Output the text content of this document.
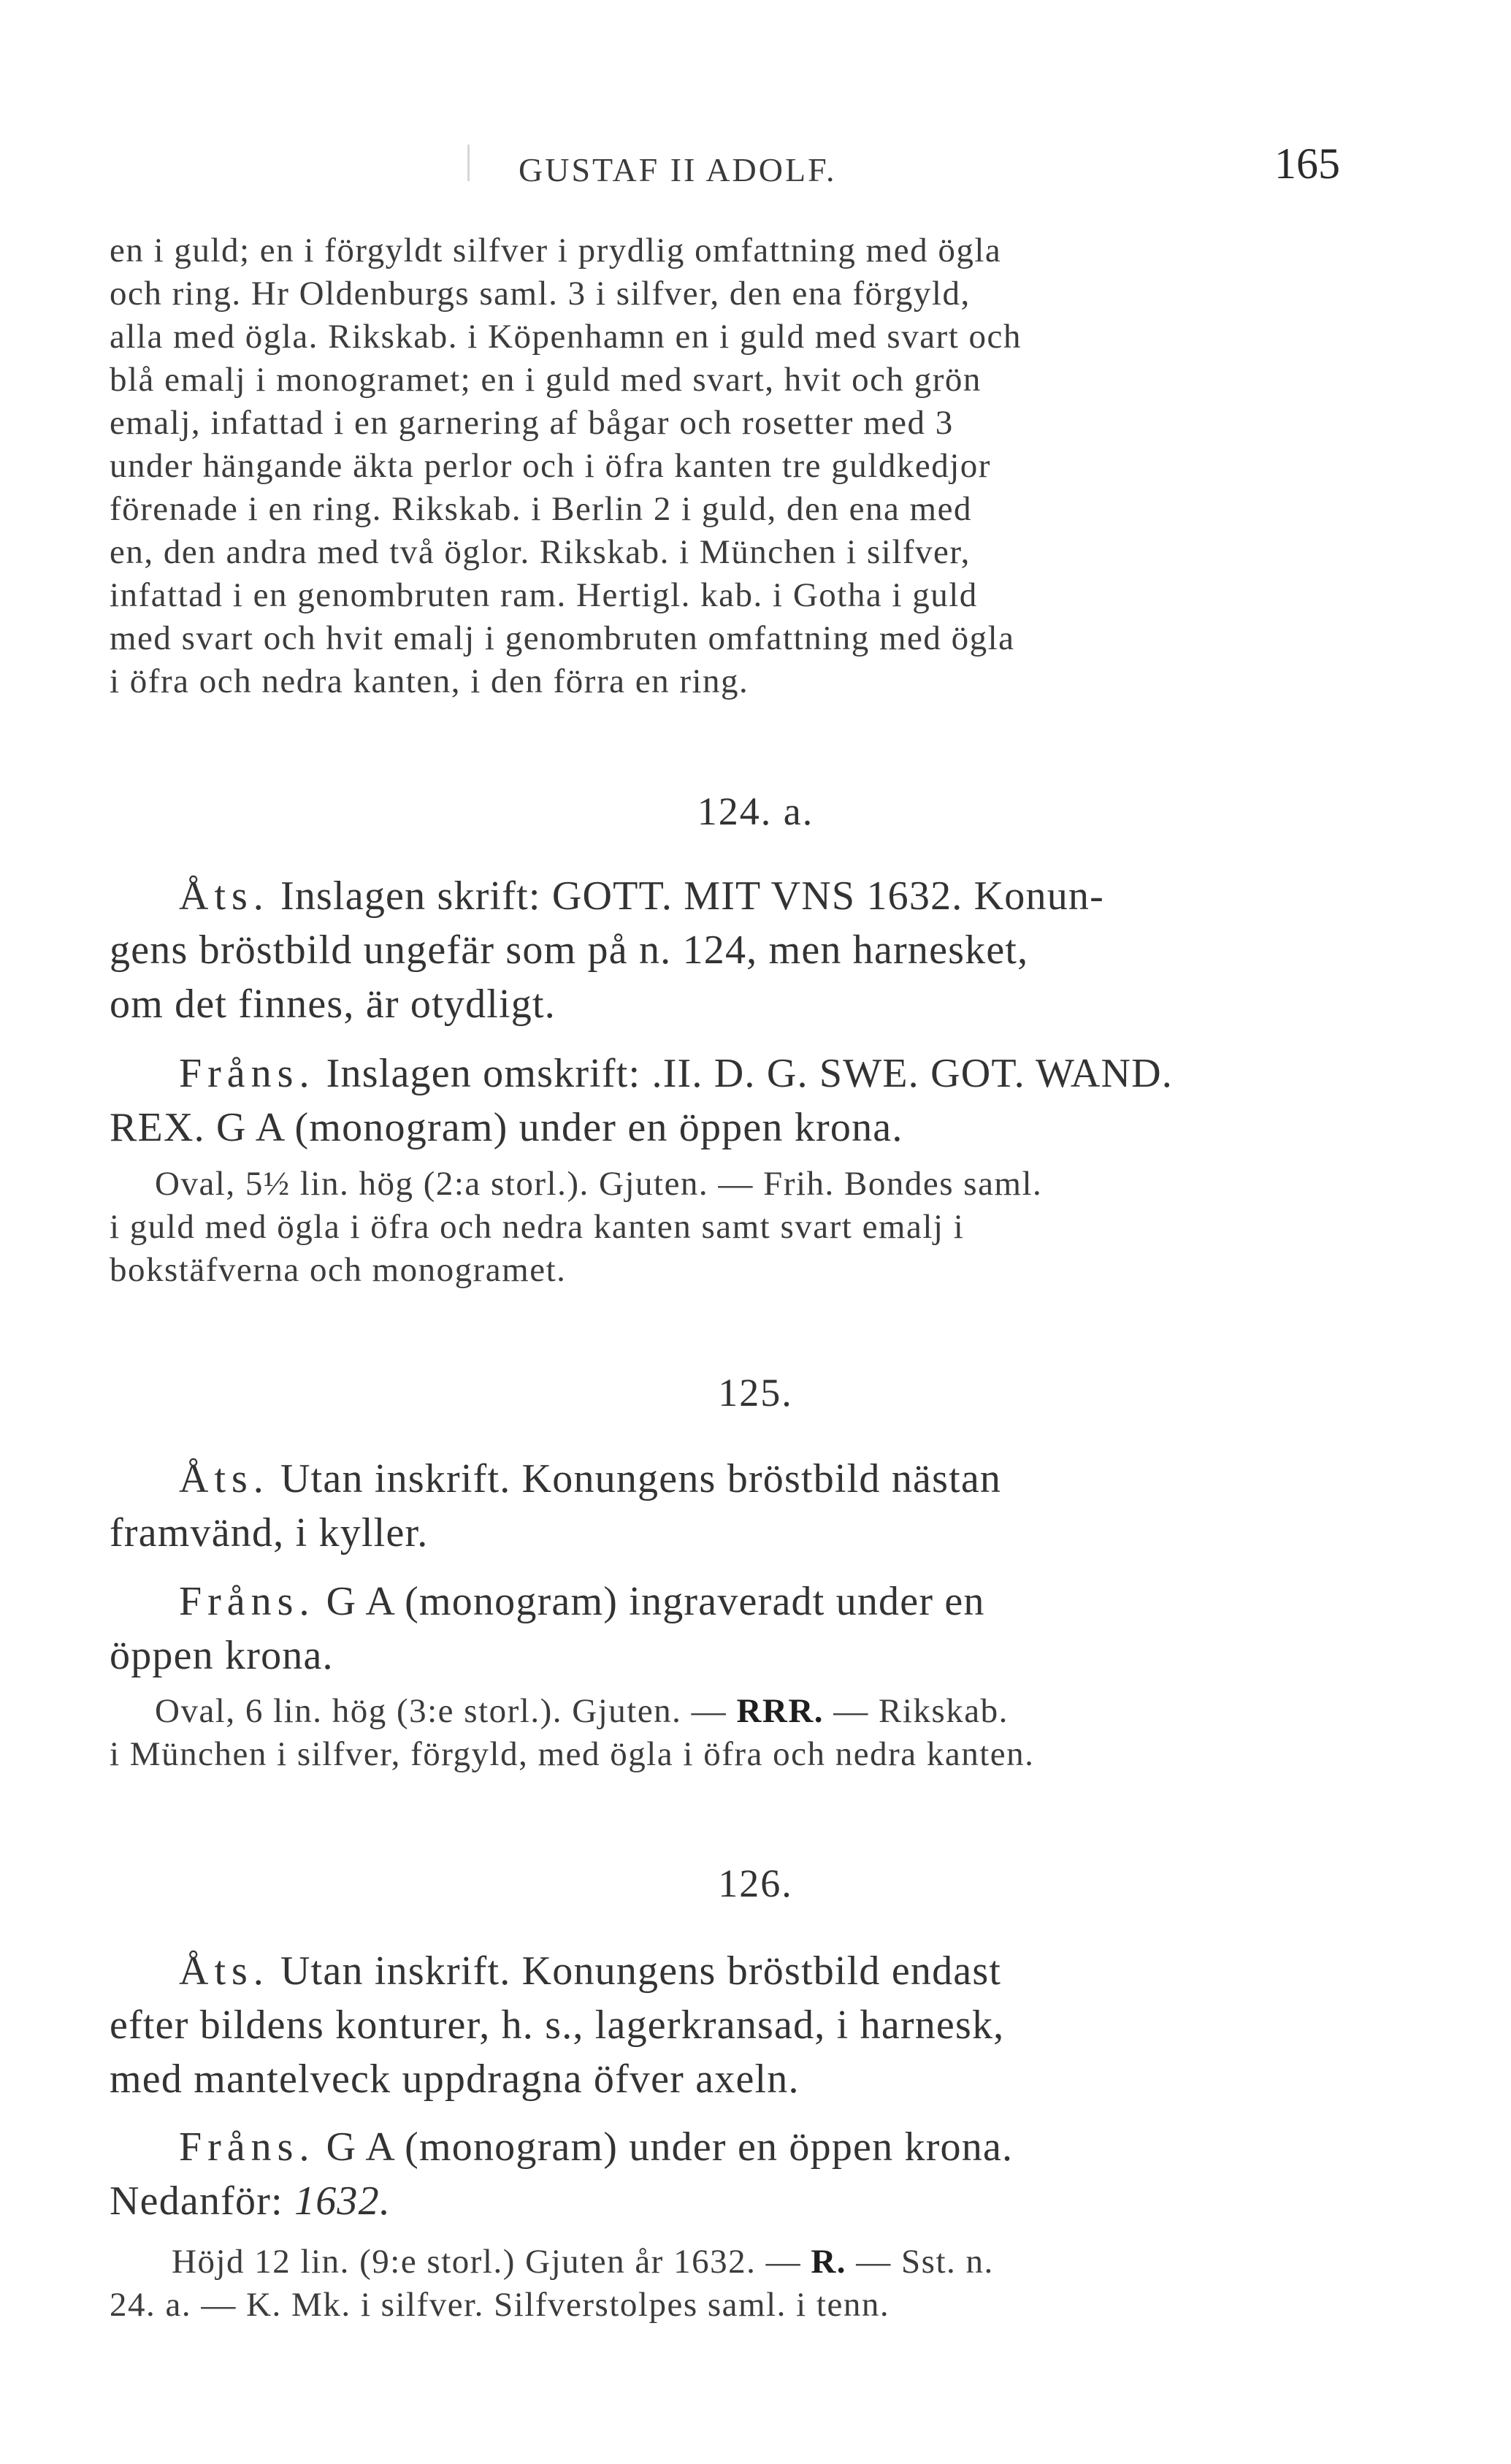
GUSTAF II ADOLF.	165

en i guld; en i förgyldt silfver i prydlig omfattning med ögla
och ring. Hr Oldenburgs saml. 3 i silfver, den ena förgyld,
alla med ögla. Rikskab. i Köpenhamn en i guld med svart och
blå emalj i monogramet; en i guld med svart, hvit och grön
emalj, infattad i en garnering af bågar och rosetter med 3
under hängande äkta perlor och i öfra kanten tre guldkedjor
förenade i en ring. Rikskab. i Berlin 2 i guld, den ena med
en, den andra med två öglor. Rikskab. i München i silfver,
infattad i en genombruten ram. Hertigl. kab. i Gotha i guld
med svart och hvit emalj i genombruten omfattning med ögla
i öfra och nedra kanten, i den förra en ring.

124. a.

Åts. Inslagen skrift: GOTT. MIT VNS 1632. Konun-
gens bröstbild ungefär som på n. 124, men harnesket,
om det finnes, är otydligt.

Fråns. Inslagen omskrift: .II. D. G. SWE. GOT. WAND.
REX. G A (monogram) under en öppen krona.

Oval, 5½ lin. hög (2:a storl.). Gjuten. — Frih. Bondes saml.
i guld med ögla i öfra och nedra kanten samt svart emalj i
bokstäfverna och monogramet.

125.

Åts. Utan inskrift. Konungens bröstbild nästan
framvänd, i kyller.

Fråns. G A (monogram) ingraveradt under en
öppen krona.

Oval, 6 lin. hög (3:e storl.). Gjuten. — RRR. — Rikskab.
i München i silfver, förgyld, med ögla i öfra och nedra kanten.

126.

Åts. Utan inskrift. Konungens bröstbild endast
efter bildens konturer, h. s., lagerkransad, i harnesk,
med mantelveck uppdragna öfver axeln.

Fråns. G A (monogram) under en öppen krona.
Nedanför: 1632.

Höjd 12 lin. (9:e storl.) Gjuten år 1632. — R. — Sst. n.
24. a. — K. Mk. i silfver. Silfverstolpes saml. i tenn.
